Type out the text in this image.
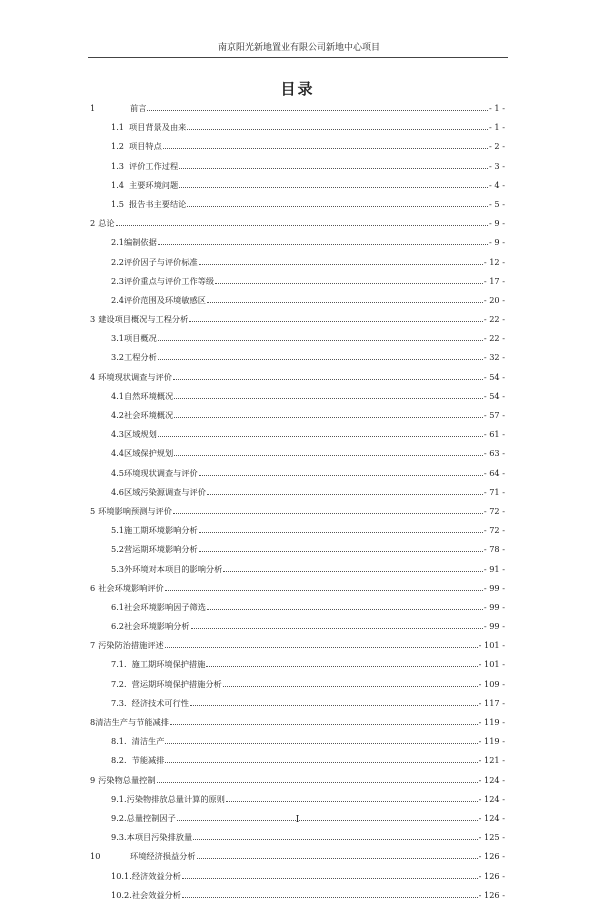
南京阳光新地置业有限公司新地中心项目
目录
1	前言	- 1 -
1.1 项目背景及由来	- 1 -
1.2 项目特点	- 2 -
1.3 评价工作过程	- 3 -
1.4 主要环境问题	- 4 -
1.5 报告书主要结论	- 5 -
2 总论	- 9 -
2.1 编制依据	- 9 -
2.2 评价因子与评价标准	- 12 -
2.3 评价重点与评价工作等级	- 17 -
2.4 评价范围及环境敏感区	- 20 -
3 建设项目概况与工程分析	- 22 -
3.1 项目概况	- 22 -
3.2 工程分析	- 32 -
4 环境现状调查与评价	- 54 -
4.1 自然环境概况	- 54 -
4.2 社会环境概况	- 57 -
4.3 区域规划	- 61 -
4.4 区域保护规划	- 63 -
4.5 环境现状调查与评价	- 64 -
4.6 区域污染源调查与评价	- 71 -
5 环境影响预测与评价	- 72 -
5.1 施工期环境影响分析	- 72 -
5.2 营运期环境影响分析	- 78 -
5.3 外环境对本项目的影响分析	- 91 -
6 社会环境影响评价	- 99 -
6.1 社会环境影响因子筛选	- 99 -
6.2 社会环境影响分析	- 99 -
7 污染防治措施评述	- 101 -
7.1. 施工期环境保护措施	- 101 -
7.2. 营运期环境保护措施分析	- 109 -
7.3. 经济技术可行性	- 117 -
8 清洁生产与节能减排	- 119 -
8.1. 清洁生产	- 119 -
8.2. 节能减排	- 121 -
9 污染物总量控制	- 124 -
9.1. 污染物排放总量计算的原则	- 124 -
9.2. 总量控制因子	- 124 -
9.3. 本项目污染排放量	- 125 -
10	环境经济损益分析	- 126 -
10.1. 经济效益分析	- 126 -
10.2. 社会效益分析	- 126 -
I
